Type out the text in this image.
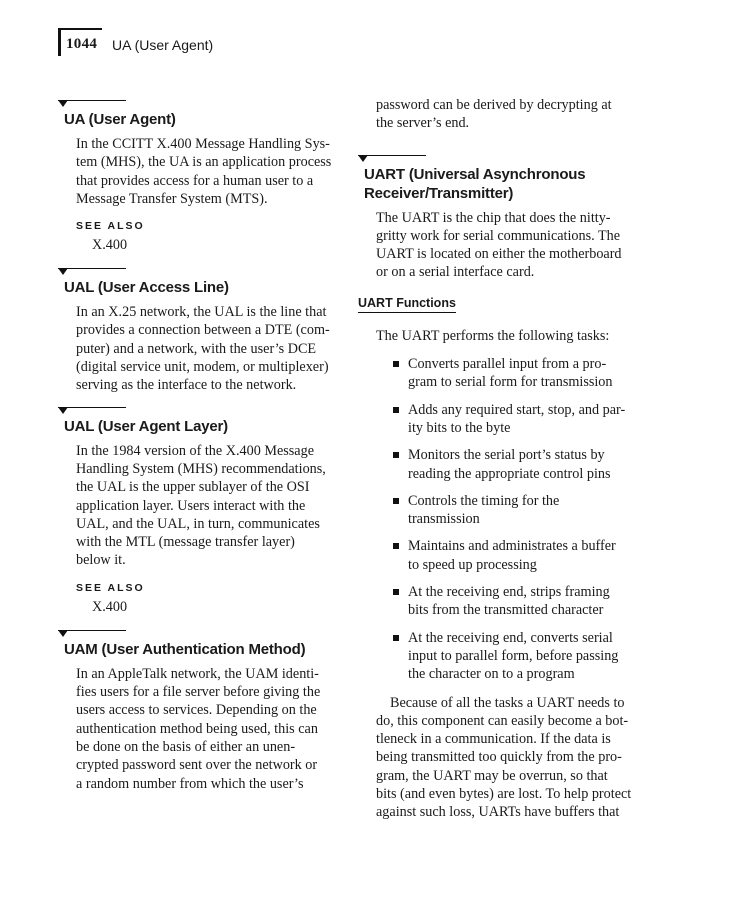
1044 UA (User Agent)
UA (User Agent)
In the CCITT X.400 Message Handling Sys-
tem (MHS), the UA is an application process
that provides access for a human user to a
Message Transfer System (MTS).
SEE ALSO
X.400
UAL (User Access Line)
In an X.25 network, the UAL is the line that
provides a connection between a DTE (com-
puter) and a network, with the user’s DCE
(digital service unit, modem, or multiplexer)
serving as the interface to the network.
UAL (User Agent Layer)
In the 1984 version of the X.400 Message
Handling System (MHS) recommendations,
the UAL is the upper sublayer of the OSI
application layer. Users interact with the
UAL, and the UAL, in turn, communicates
with the MTL (message transfer layer)
below it.
SEE ALSO
X.400
UAM (User Authentication Method)
In an AppleTalk network, the UAM identi-
fies users for a file server before giving the
users access to services. Depending on the
authentication method being used, this can
be done on the basis of either an unen-
crypted password sent over the network or
a random number from which the user’s
password can be derived by decrypting at
the server’s end.
UART (Universal Asynchronous
Receiver/Transmitter)
The UART is the chip that does the nitty-
gritty work for serial communications. The
UART is located on either the motherboard
or on a serial interface card.
UART Functions
The UART performs the following tasks:
Converts parallel input from a pro-
gram to serial form for transmission
Adds any required start, stop, and par-
ity bits to the byte
Monitors the serial port’s status by
reading the appropriate control pins
Controls the timing for the
transmission
Maintains and administrates a buffer
to speed up processing
At the receiving end, strips framing
bits from the transmitted character
At the receiving end, converts serial
input to parallel form, before passing
the character on to a program
Because of all the tasks a UART needs to
do, this component can easily become a bot-
tleneck in a communication. If the data is
being transmitted too quickly from the pro-
gram, the UART may be overrun, so that
bits (and even bytes) are lost. To help protect
against such loss, UARTs have buffers that
